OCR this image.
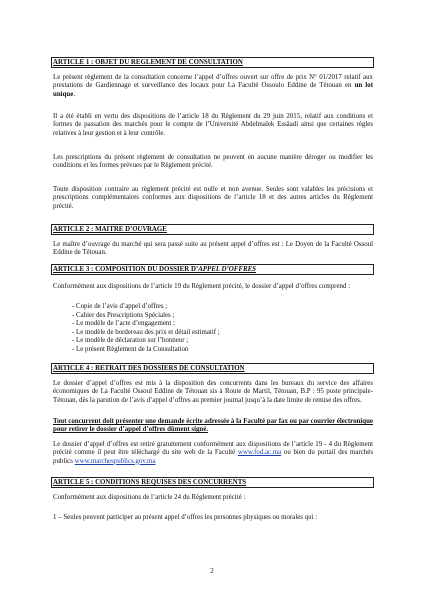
ARTICLE 1 : OBJET DU REGLEMENT DE CONSULTATION

Le présent règlement de la consultation concerne l’appel d’offres ouvert sur offre de prix N° 01/2017 relatif aux prestations de Gardiennage et surveillance des locaux pour La Faculté Ossoulo Eddine de Tétouan en un lot unique.

Il a été établi en vertu des dispositions de l’article 18 du Règlement du 29 juin 2015, relatif aux conditions et formes de passation des marchés pour le compte de l’Université Abdelmalek Essâadi ainsi que certaines règles relatives à leur gestion et à leur contrôle.

Les prescriptions du présent règlement de consultation ne peuvent en aucune manière déroger ou modifier les conditions et les formes prévues par le Règlement précité.

Toute disposition contraire au règlement précité est nulle et non avenue. Seules sont valables les précisions et prescriptions complémentaires conformes aux dispositions de l’article 18 et des autres articles du Règlement précité.

ARTICLE 2 : MAITRE D’OUVRAGE

Le maître d’ouvrage du marché qui sera passé suite au présent appel d’offres est : Le Doyen de la Faculté Ossoul Eddine de Tétouan.

ARTICLE 3 : COMPOSITION DU DOSSIER D’APPEL D’OFFRES

Conformément aux dispositions de l’article 19 du Règlement précité, le dossier d’appel d’offres comprend :

- Copie de l’avis d’appel d’offres ;
- Cahier des Prescriptions Spéciales ;
- Le modèle de l’acte d’engagement ;
- Le modèle de bordereau des prix et détail estimatif ;
- Le modèle de déclaration sur l’honneur ;
- Le présent Règlement de la Consultation
ARTICLE 4 : RETRAIT DES DOSSIERS DE CONSULTATION

Le dossier d’appel d’offres est mis à la disposition des concurrents dans les bureaux du service des affaires économiques de La Faculté Ossoul Eddine de Tétouan sis à Route de Martil, Tétouan, B.P : 95 poste principale- Tétouan, dès la parution de l’avis d’appel d’offres au premier journal jusqu’à la date limite de remise des offres.

Tout concurrent doit présenter une demande écrite adressée à la Faculté par fax ou par courrier électronique pour retirer le dossier d’appel d’offres dûment signé.

Le dossier d’appel d’offres est retiré gratuitement conformément aux dispositions de l’article 19 - 4 du Règlement précité comme il peut être téléchargé du site web de la Faculté www.fod.ac.ma ou bien du portail des marchés publics www.marchespublics.gov.ma

ARTICLE 5 : CONDITIONS REQUISES DES CONCURRENTS

Conformément aux dispositions de l’article 24 du Règlement précité :

1 – Seules peuvent participer au présent appel d’offres les personnes physiques ou morales qui :

2
